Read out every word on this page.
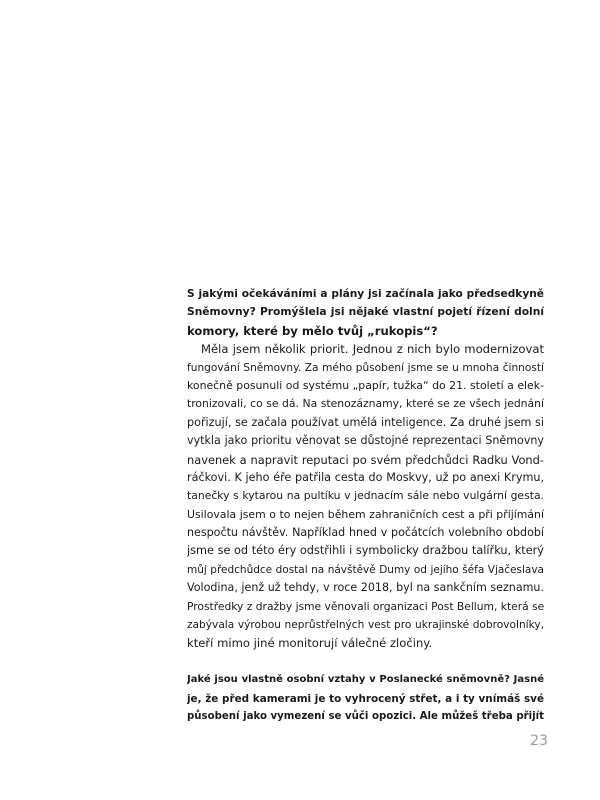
S jakými očekáváními a plány jsi začínala jako předsedkyně
Sněmovny? Promýšlela jsi nějaké vlastní pojetí řízení dolní
komory, které by mělo tvůj „rukopis“?
Měla jsem několik priorit. Jednou z nich bylo modernizovat
fungování Sněmovny. Za mého působení jsme se u mnoha činností
konečně posunuli od systému „papír, tužka“ do 21. století a elek-
tronizovali, co se dá. Na stenozáznamy, které se ze všech jednání
pořizují, se začala používat umělá inteligence. Za druhé jsem si
vytkla jako prioritu věnovat se důstojné reprezentaci Sněmovny
navenek a napravit reputaci po svém předchůdci Radku Vond-
ráčkovi. K jeho éře patřila cesta do Moskvy, už po anexi Krymu,
tanečky s kytarou na pultíku v jednacím sále nebo vulgární gesta.
Usilovala jsem o to nejen během zahraničních cest a při přijímání
nespočtu návštěv. Například hned v počátcích volebního období
jsme se od této éry odstřihli i symbolicky dražbou talířku, který
můj předchůdce dostal na návštěvě Dumy od jejího šéfa Vjačeslava
Volodina, jenž už tehdy, v roce 2018, byl na sankčním seznamu.
Prostředky z dražby jsme věnovali organizaci Post Bellum, která se
zabývala výrobou neprůstřelných vest pro ukrajinské dobrovolníky,
kteří mimo jiné monitorují válečné zločiny.
Jaké jsou vlastně osobní vztahy v Poslanecké sněmovně? Jasné
je, že před kamerami je to vyhrocený střet, a i ty vnímáš své
působení jako vymezení se vůči opozici. Ale můžeš třeba přijít
23
